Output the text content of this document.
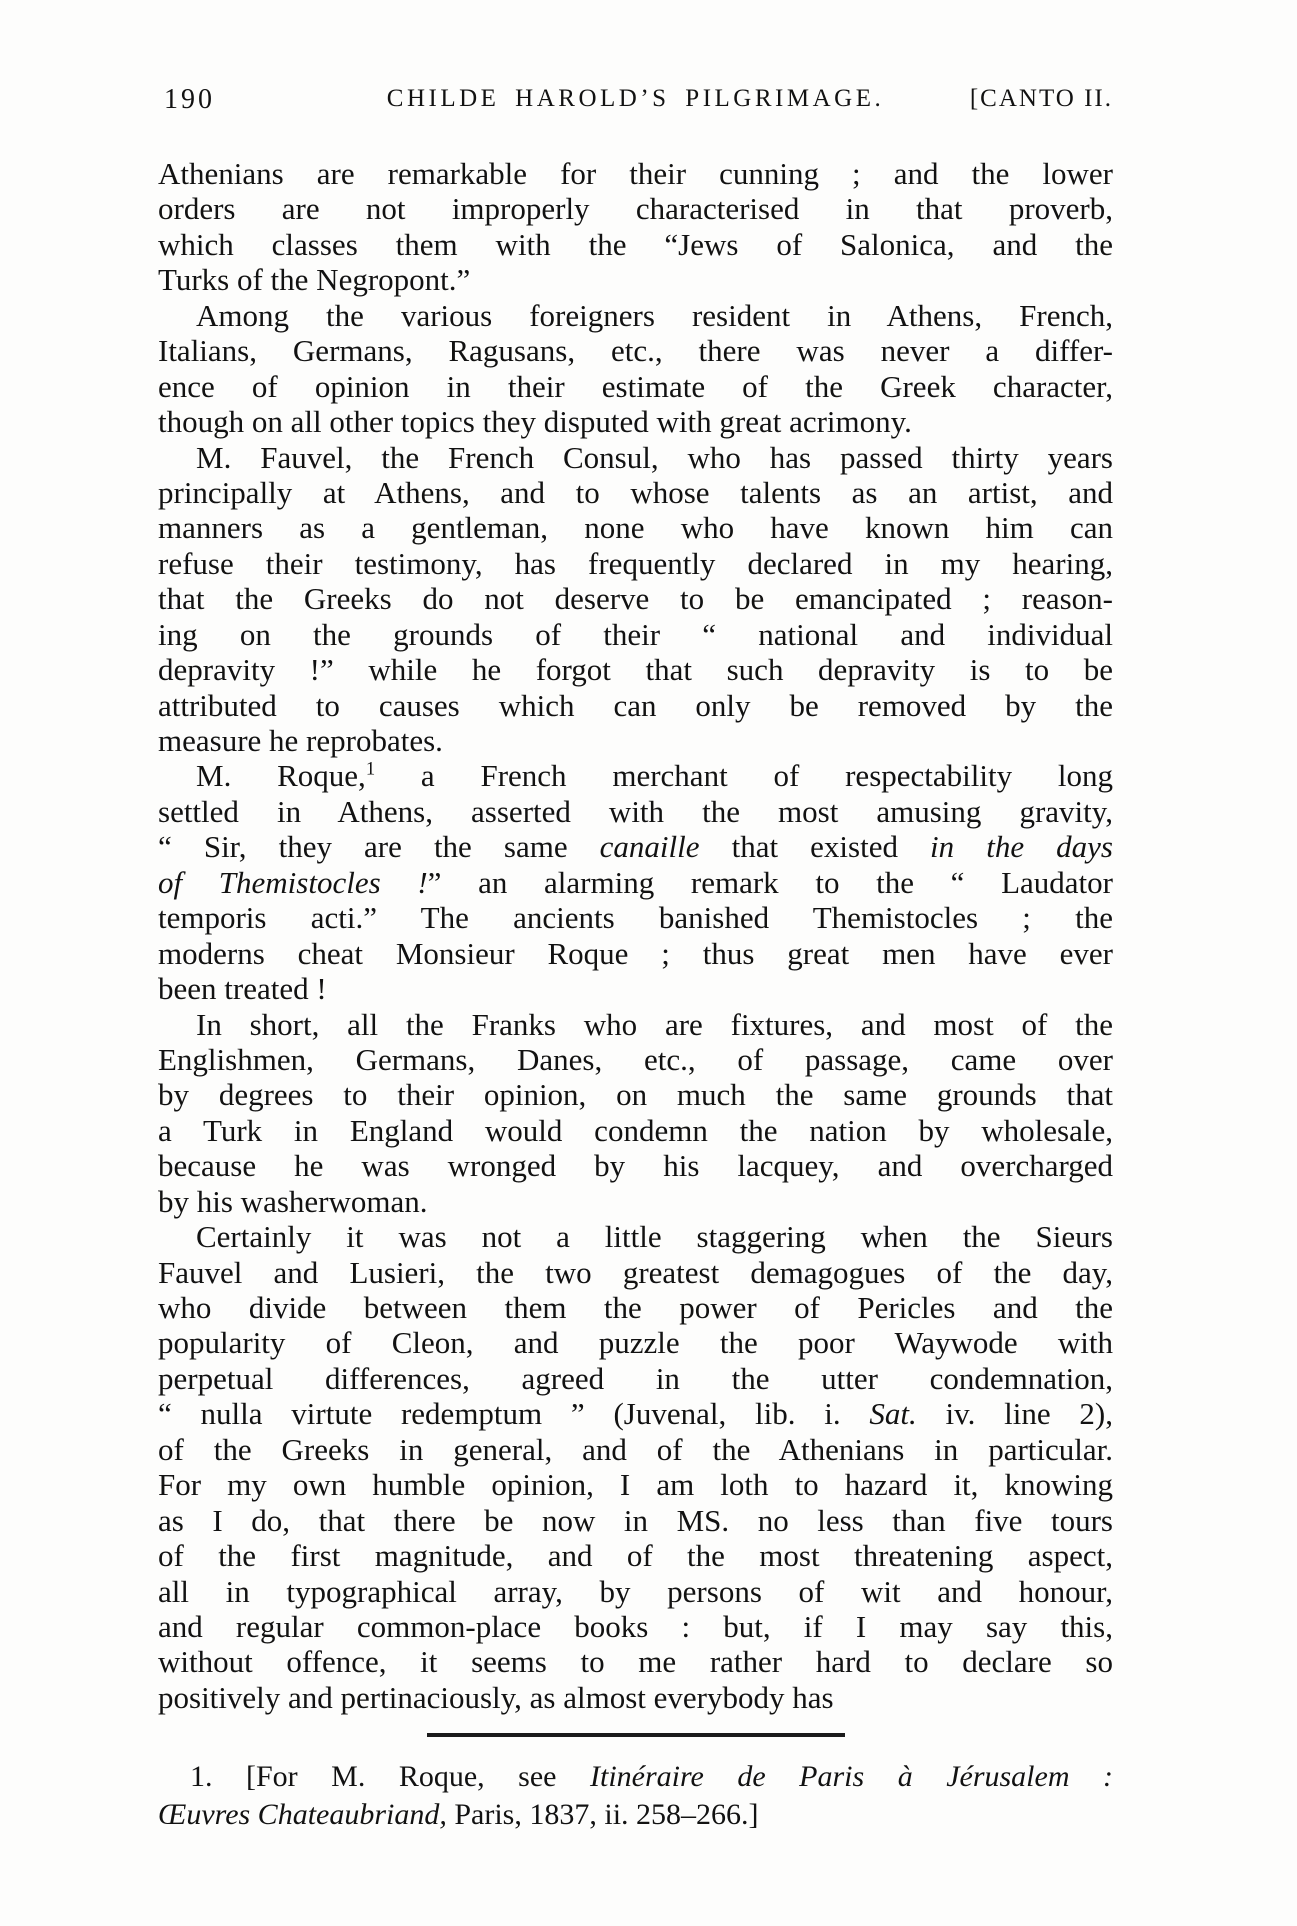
190	CHILDE HAROLD’S PILGRIMAGE.	[CANTO II.
Athenians are remarkable for their cunning ; and the lower
orders are not improperly characterised in that proverb,
which classes them with the “Jews of Salonica, and the
Turks of the Negropont.”
Among the various foreigners resident in Athens, French,
Italians, Germans, Ragusans, etc., there was never a differ-
ence of opinion in their estimate of the Greek character,
though on all other topics they disputed with great acrimony.
M. Fauvel, the French Consul, who has passed thirty years
principally at Athens, and to whose talents as an artist, and
manners as a gentleman, none who have known him can
refuse their testimony, has frequently declared in my hearing,
that the Greeks do not deserve to be emancipated ; reason-
ing on the grounds of their “ national and individual
depravity !” while he forgot that such depravity is to be
attributed to causes which can only be removed by the
measure he reprobates.
M. Roque,$^1$ a French merchant of respectability long
settled in Athens, asserted with the most amusing gravity,
“ Sir, they are the same canaille that existed in the days
of Themistocles !” an alarming remark to the “ Laudator
temporis acti.” The ancients banished Themistocles ; the
moderns cheat Monsieur Roque ; thus great men have ever
been treated !
In short, all the Franks who are fixtures, and most of the
Englishmen, Germans, Danes, etc., of passage, came over
by degrees to their opinion, on much the same grounds that
a Turk in England would condemn the nation by wholesale,
because he was wronged by his lacquey, and overcharged
by his washerwoman.
Certainly it was not a little staggering when the Sieurs
Fauvel and Lusieri, the two greatest demagogues of the day,
who divide between them the power of Pericles and the
popularity of Cleon, and puzzle the poor Waywode with
perpetual differences, agreed in the utter condemnation,
“ nulla virtute redemptum ” (Juvenal, lib. i. Sat. iv. line 2),
of the Greeks in general, and of the Athenians in particular.
For my own humble opinion, I am loth to hazard it, knowing
as I do, that there be now in MS. no less than five tours
of the first magnitude, and of the most threatening aspect,
all in typographical array, by persons of wit and honour,
and regular common-place books : but, if I may say this,
without offence, it seems to me rather hard to declare so
positively and pertinaciously, as almost everybody has
1. [For M. Roque, see Itinéraire de Paris à Jérusalem :
Œuvres Chateaubriand, Paris, 1837, ii. 258–266.]
